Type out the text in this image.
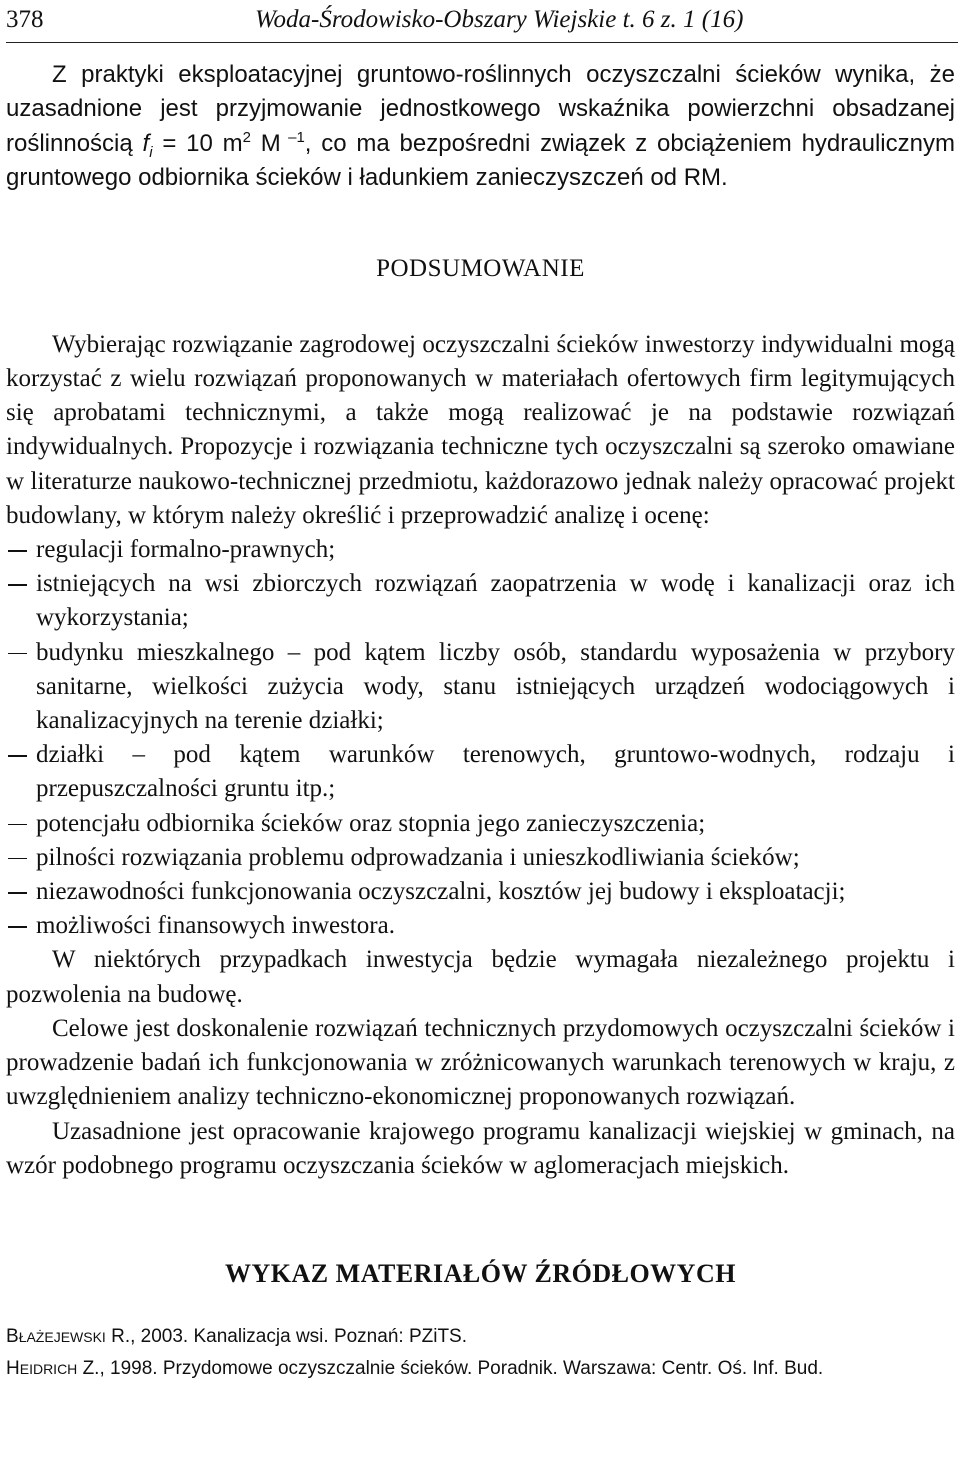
378	Woda-Środowisko-Obszary Wiejskie t. 6 z. 1 (16)

Z praktyki eksploatacyjnej gruntowo-roślinnych oczyszczalni ścieków wynika, że uzasadnione jest przyjmowanie jednostkowego wskaźnika powierzchni obsadzanej roślinnością $f_i = 10$ $m^2$ M $^{-1}$, co ma bezpośredni związek z obciążeniem hydraulicznym gruntowego odbiornika ścieków i ładunkiem zanieczyszczeń od RM.

PODSUMOWANIE

Wybierając rozwiązanie zagrodowej oczyszczalni ścieków inwestorzy indywidualni mogą korzystać z wielu rozwiązań proponowanych w materiałach ofertowych firm legitymujących się aprobatami technicznymi, a także mogą realizować je na podstawie rozwiązań indywidualnych. Propozycje i rozwiązania techniczne tych oczyszczalni są szeroko omawiane w literaturze naukowo-technicznej przedmiotu, każdorazowo jednak należy opracować projekt budowlany, w którym należy określić i przeprowadzić analizę i ocenę:

regulacji formalno-prawnych;
istniejących na wsi zbiorczych rozwiązań zaopatrzenia w wodę i kanalizacji oraz ich wykorzystania;
budynku mieszkalnego – pod kątem liczby osób, standardu wyposażenia w przybory sanitarne, wielkości zużycia wody, stanu istniejących urządzeń wodociągowych i kanalizacyjnych na terenie działki;
działki – pod kątem warunków terenowych, gruntowo-wodnych, rodzaju i przepuszczalności gruntu itp.;
potencjału odbiornika ścieków oraz stopnia jego zanieczyszczenia;
pilności rozwiązania problemu odprowadzania i unieszkodliwiania ścieków;
niezawodności funkcjonowania oczyszczalni, kosztów jej budowy i eksploatacji;
możliwości finansowych inwestora.

W niektórych przypadkach inwestycja będzie wymagała niezależnego projektu i pozwolenia na budowę.

Celowe jest doskonalenie rozwiązań technicznych przydomowych oczyszczalni ścieków i prowadzenie badań ich funkcjonowania w zróżnicowanych warunkach terenowych w kraju, z uwzględnieniem analizy techniczno-ekonomicznej proponowanych rozwiązań.

Uzasadnione jest opracowanie krajowego programu kanalizacji wiejskiej w gminach, na wzór podobnego programu oczyszczania ścieków w aglomeracjach miejskich.

WYKAZ MATERIAŁÓW ŹRÓDŁOWYCH

BŁAŻEJEWSKI R., 2003. Kanalizacja wsi. Poznań: PZiTS.

HEIDRICH Z., 1998. Przydomowe oczyszczalnie ścieków. Poradnik. Warszawa: Centr. Oś. Inf. Bud.
